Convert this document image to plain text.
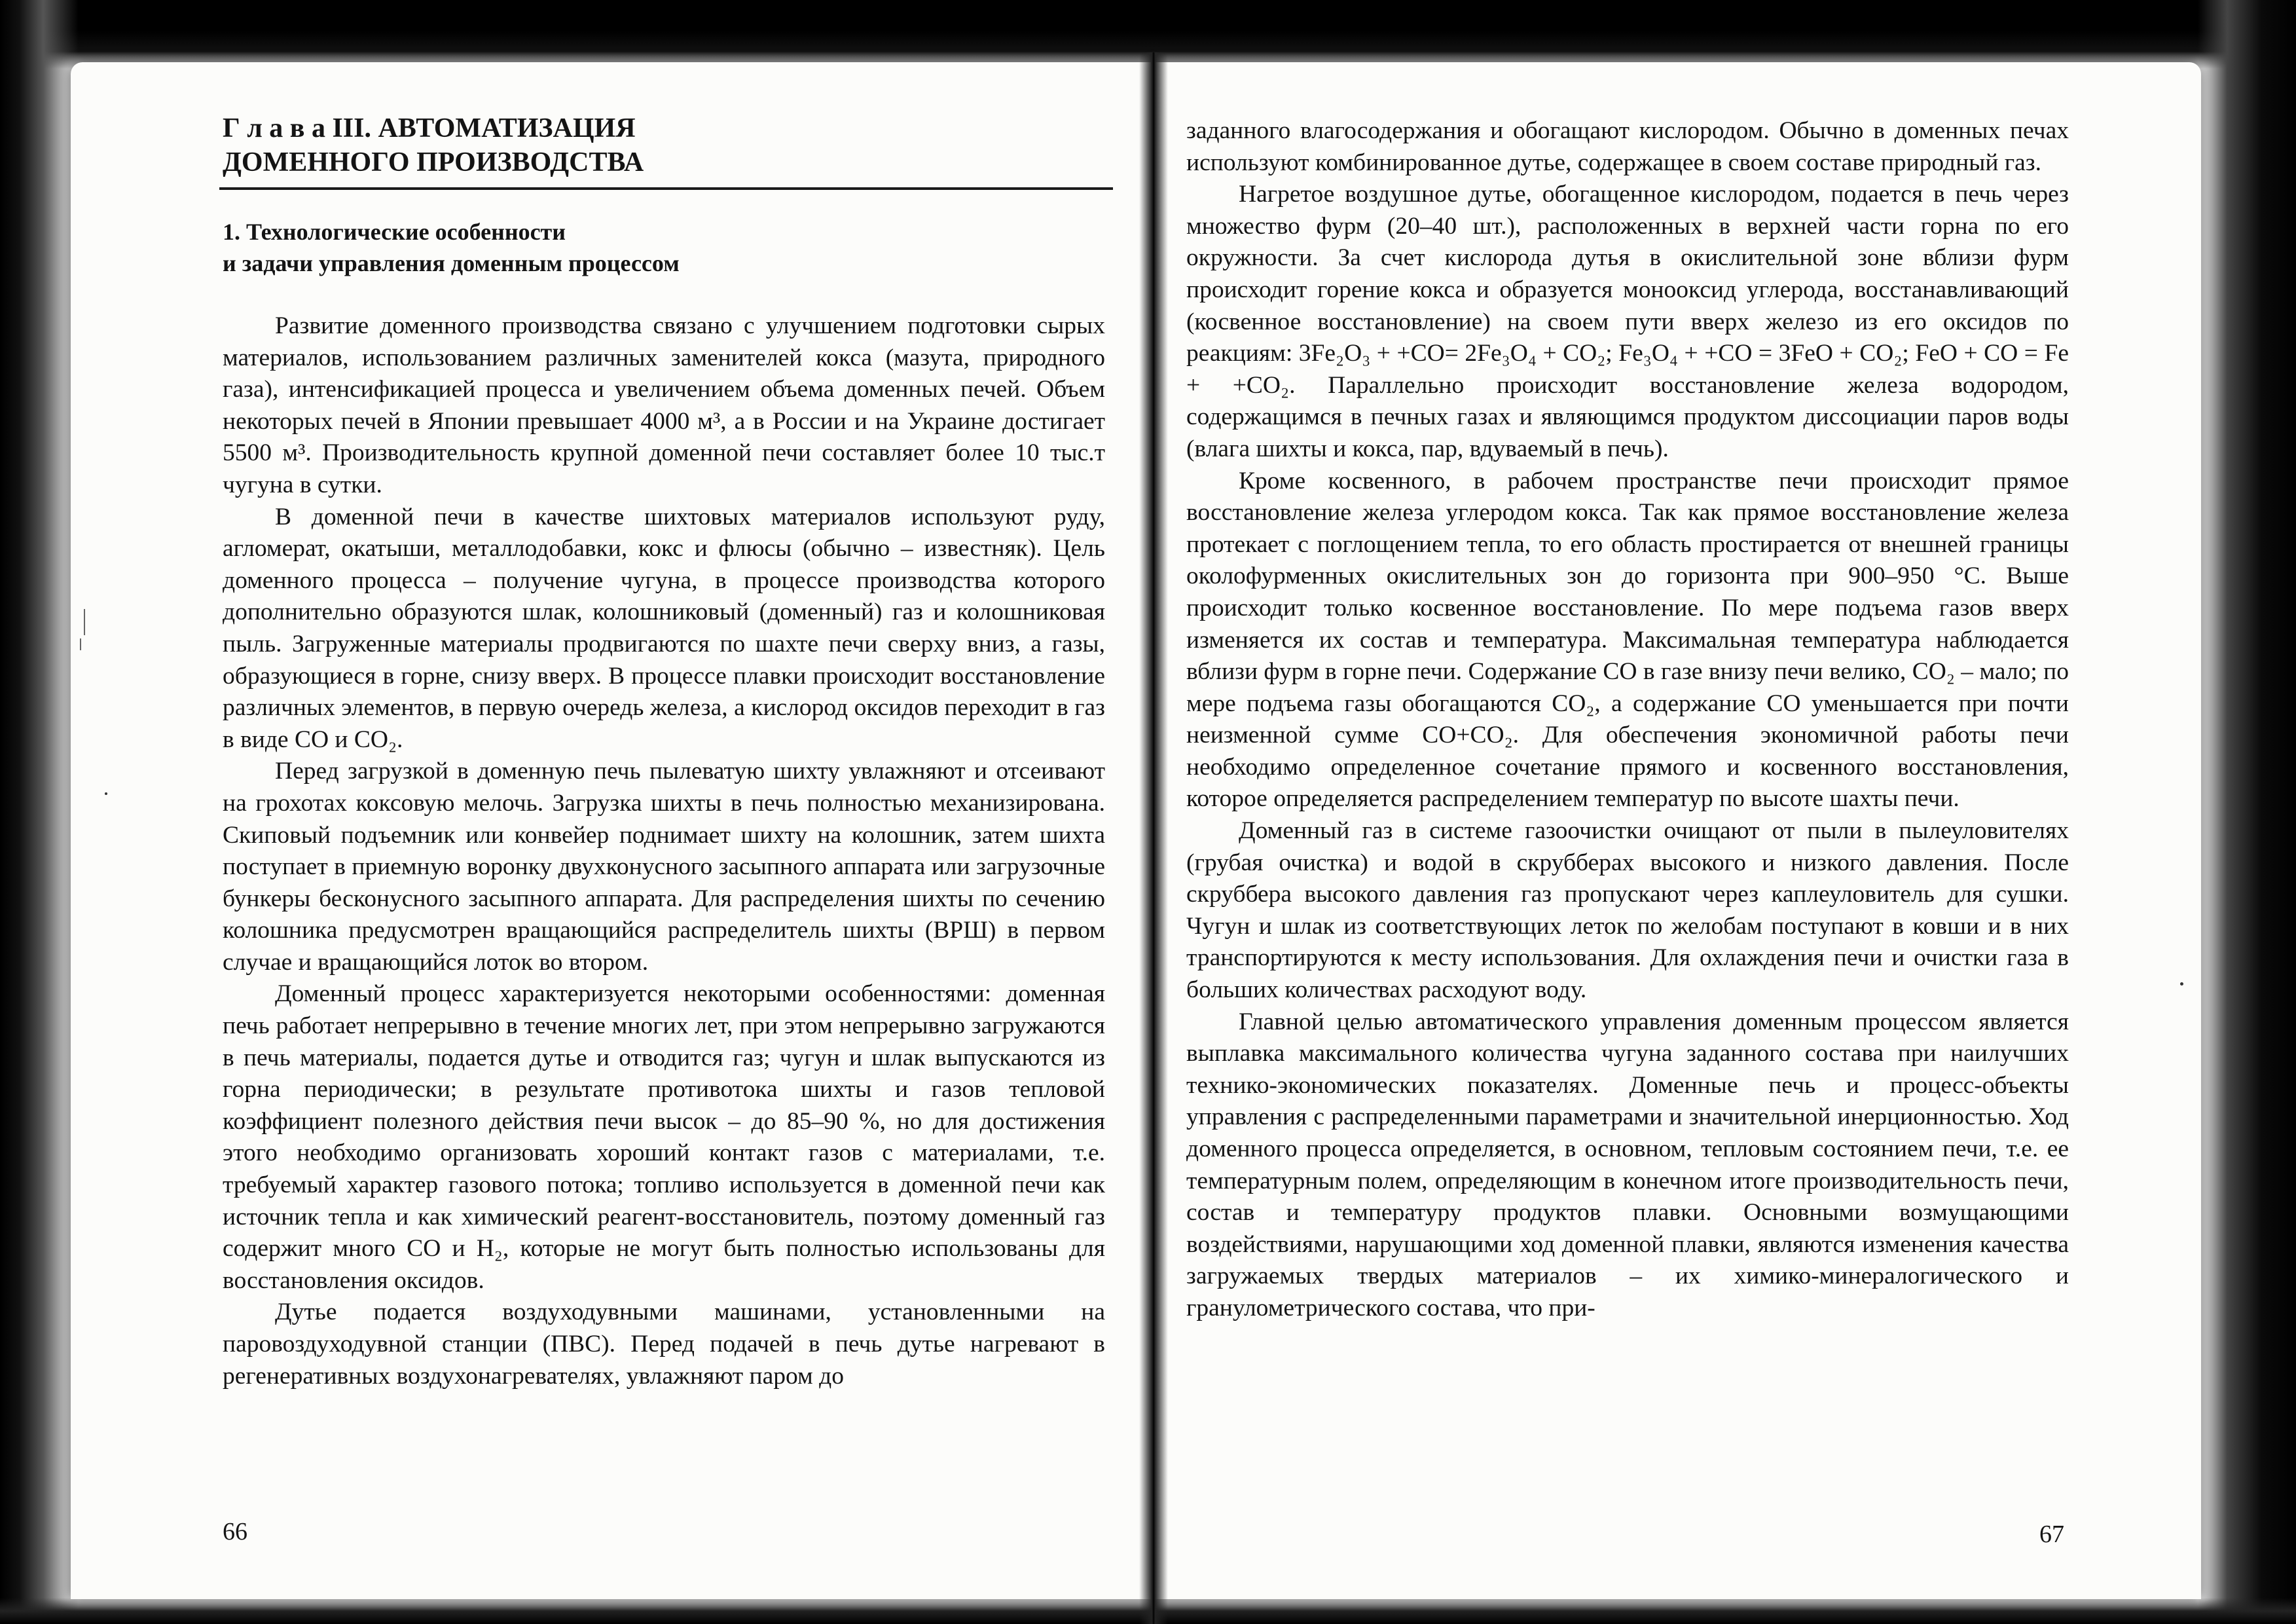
Г л а в а III. АВТОМАТИЗАЦИЯ
ДОМЕННОГО ПРОИЗВОДСТВА
1. Технологические особенности
и задачи управления доменным процессом

Развитие доменного производства связано с улучшением подготовки сырых материалов, использованием различных заменителей кокса (мазута, природного газа), интенсификацией процесса и увеличением объема доменных печей. Объем некоторых печей в Японии превышает 4000 м³, а в России и на Украине достигает 5500 м³. Производительность крупной доменной печи составляет более 10 тыс.т чугуна в сутки.

В доменной печи в качестве шихтовых материалов используют руду, агломерат, окатыши, металлодобавки, кокс и флюсы (обычно – известняк). Цель доменного процесса – получение чугуна, в процессе производства которого дополнительно образуются шлак, колошниковый (доменный) газ и колошниковая пыль. Загруженные материалы продвигаются по шахте печи сверху вниз, а газы, образующиеся в горне, снизу вверх. В процессе плавки происходит восстановление различных элементов, в первую очередь железа, а кислород оксидов переходит в газ в виде CO и CO₂.

Перед загрузкой в доменную печь пылеватую шихту увлажняют и отсеивают на грохотах коксовую мелочь. Загрузка шихты в печь полностью механизирована. Скиповый подъемник или конвейер поднимает шихту на колошник, затем шихта поступает в приемную воронку двухконусного засыпного аппарата или загрузочные бункеры бесконусного засыпного аппарата. Для распределения шихты по сечению колошника предусмотрен вращающийся распределитель шихты (ВРШ) в первом случае и вращающийся лоток во втором.

Доменный процесс характеризуется некоторыми особенностями: доменная печь работает непрерывно в течение многих лет, при этом непрерывно загружаются в печь материалы, подается дутье и отводится газ; чугун и шлак выпускаются из горна периодически; в результате противотока шихты и газов тепловой коэффициент полезного действия печи высок – до 85–90 %, но для достижения этого необходимо организовать хороший контакт газов с материалами, т.е. требуемый характер газового потока; топливо используется в доменной печи как источник тепла и как химический реагент-восстановитель, поэтому доменный газ содержит много CO и H₂, которые не могут быть полностью использованы для восстановления оксидов.

Дутье подается воздуходувными машинами, установленными на паровоздуходувной станции (ПВС). Перед подачей в печь дутье нагревают в регенеративных воздухонагревателях, увлажняют паром до

66

заданного влагосодержания и обогащают кислородом. Обычно в доменных печах используют комбинированное дутье, содержащее в своем составе природный газ.

Нагретое воздушное дутье, обогащенное кислородом, подается в печь через множество фурм (20–40 шт.), расположенных в верхней части горна по его окружности. За счет кислорода дутья в окислительной зоне вблизи фурм происходит горение кокса и образуется монооксид углерода, восстанавливающий (косвенное восстановление) на своем пути вверх железо из его оксидов по реакциям: 3Fe₂O₃ + +CO= 2Fe₃O₄ + CO₂; Fe₃O₄ + +CO = 3FeO + CO₂; FeO + CO = Fe + +CO₂. Параллельно происходит восстановление железа водородом, содержащимся в печных газах и являющимся продуктом диссоциации паров воды (влага шихты и кокса, пар, вдуваемый в печь).

Кроме косвенного, в рабочем пространстве печи происходит прямое восстановление железа углеродом кокса. Так как прямое восстановление железа протекает с поглощением тепла, то его область простирается от внешней границы околофурменных окислительных зон до горизонта при 900–950 °C. Выше происходит только косвенное восстановление. По мере подъема газов вверх изменяется их состав и температура. Максимальная температура наблюдается вблизи фурм в горне печи. Содержание CO в газе внизу печи велико, CO₂ – мало; по мере подъема газы обогащаются CO₂, а содержание CO уменьшается при почти неизменной сумме CO+CO₂. Для обеспечения экономичной работы печи необходимо определенное сочетание прямого и косвенного восстановления, которое определяется распределением температур по высоте шахты печи.

Доменный газ в системе газоочистки очищают от пыли в пылеуловителях (грубая очистка) и водой в скрубберах высокого и низкого давления. После скруббера высокого давления газ пропускают через каплеуловитель для сушки. Чугун и шлак из соответствующих леток по желобам поступают в ковши и в них транспортируются к месту использования. Для охлаждения печи и очистки газа в больших количествах расходуют воду.

Главной целью автоматического управления доменным процессом является выплавка максимального количества чугуна заданного состава при наилучших технико-экономических показателях. Доменные печь и процесс-объекты управления с распределенными параметрами и значительной инерционностью. Ход доменного процесса определяется, в основном, тепловым состоянием печи, т.е. ее температурным полем, определяющим в конечном итоге производительность печи, состав и температуру продуктов плавки. Основными возмущающими воздействиями, нарушающими ход доменной плавки, являются изменения качества загружаемых твердых материалов – их химико-минералогического и гранулометрического состава, что при-

67
